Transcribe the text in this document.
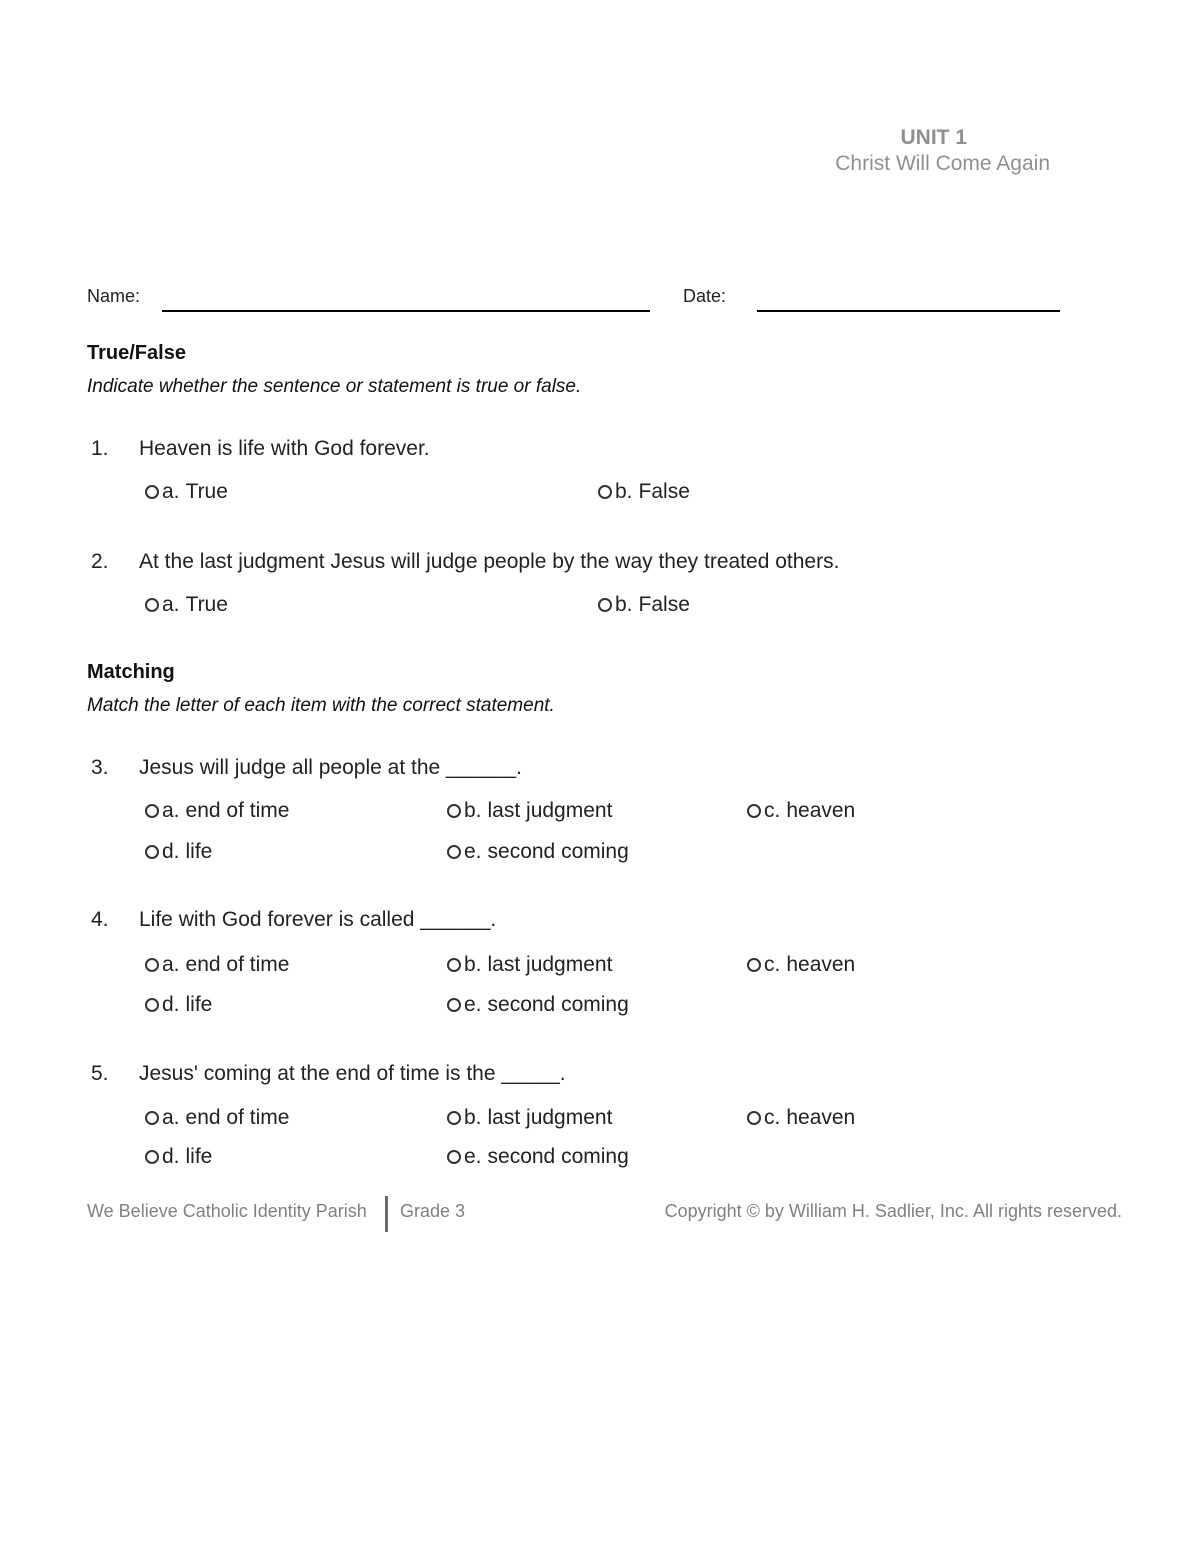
UNIT 1
Christ Will Come Again
Name:	Date:
True/False
Indicate whether the sentence or statement is true or false.
1. Heaven is life with God forever.
a. True	b. False
2. At the last judgment Jesus will judge people by the way they treated others.
a. True	b. False
Matching
Match the letter of each item with the correct statement.
3. Jesus will judge all people at the ______.
a. end of time	b. last judgment	c. heaven
d. life	e. second coming
4. Life with God forever is called ______.
a. end of time	b. last judgment	c. heaven
d. life	e. second coming
5. Jesus' coming at the end of time is the _____.
a. end of time	b. last judgment	c. heaven
d. life	e. second coming
We Believe Catholic Identity Parish Grade 3	Copyright © by William H. Sadlier, Inc. All rights reserved.
